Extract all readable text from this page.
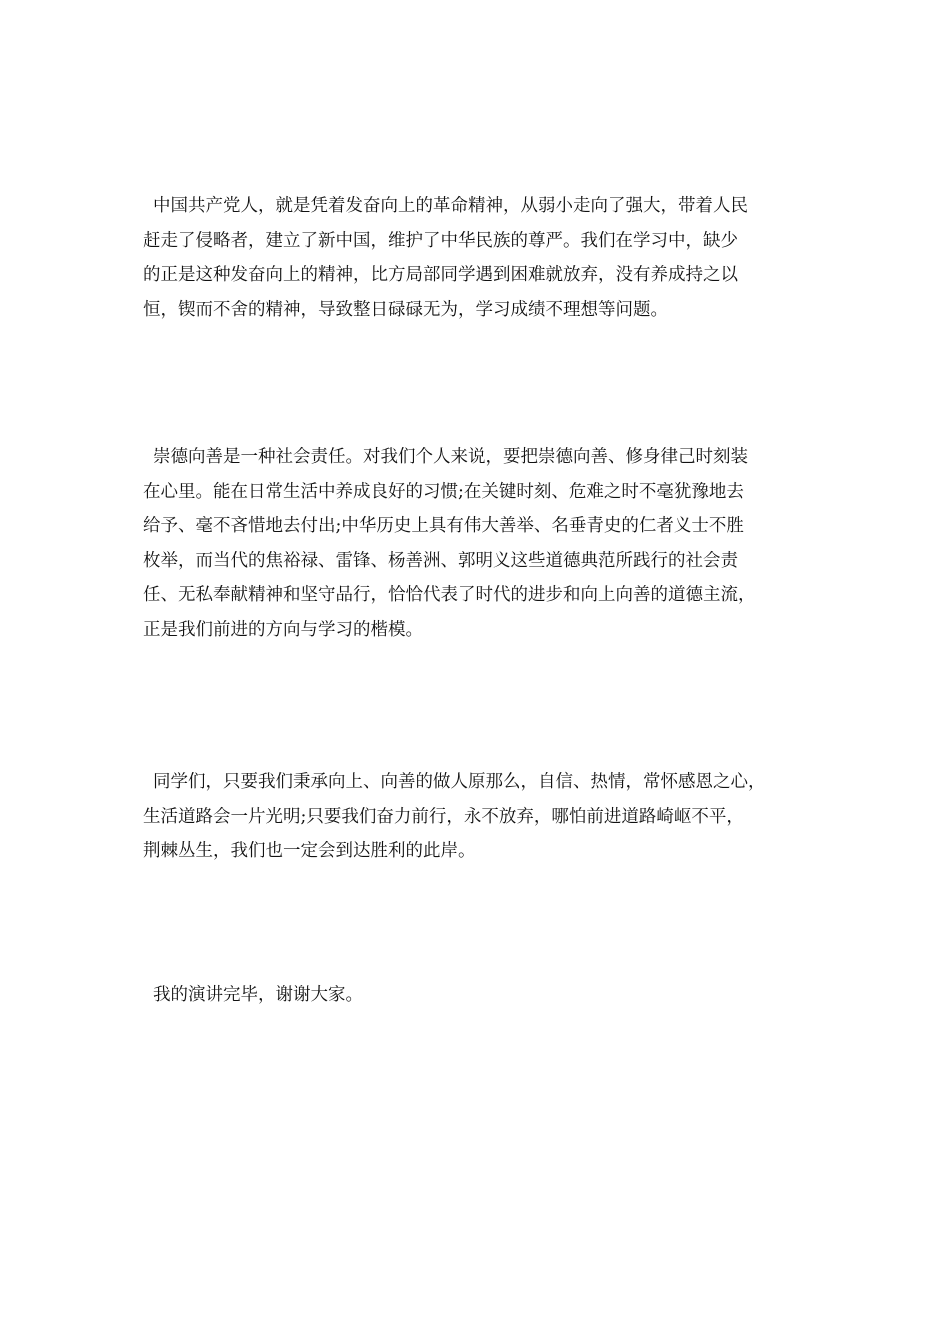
中国共产党人，就是凭着发奋向上的革命精神，从弱小走向了强大，带着人民
赶走了侵略者，建立了新中国，维护了中华民族的尊严。我们在学习中，缺少
的正是这种发奋向上的精神，比方局部同学遇到困难就放弃，没有养成持之以
恒，锲而不舍的精神，导致整日碌碌无为，学习成绩不理想等问题。

崇德向善是一种社会责任。对我们个人来说，要把崇德向善、修身律己时刻装
在心里。能在日常生活中养成良好的习惯;在关键时刻、危难之时不毫犹豫地去
给予、毫不吝惜地去付出;中华历史上具有伟大善举、名垂青史的仁者义士不胜
枚举，而当代的焦裕禄、雷锋、杨善洲、郭明义这些道德典范所践行的社会责
任、无私奉献精神和坚守品行，恰恰代表了时代的进步和向上向善的道德主流，
正是我们前进的方向与学习的楷模。

同学们，只要我们秉承向上、向善的做人原那么，自信、热情，常怀感恩之心，
生活道路会一片光明;只要我们奋力前行，永不放弃，哪怕前进道路崎岖不平，
荆棘丛生，我们也一定会到达胜利的此岸。

我的演讲完毕，谢谢大家。
